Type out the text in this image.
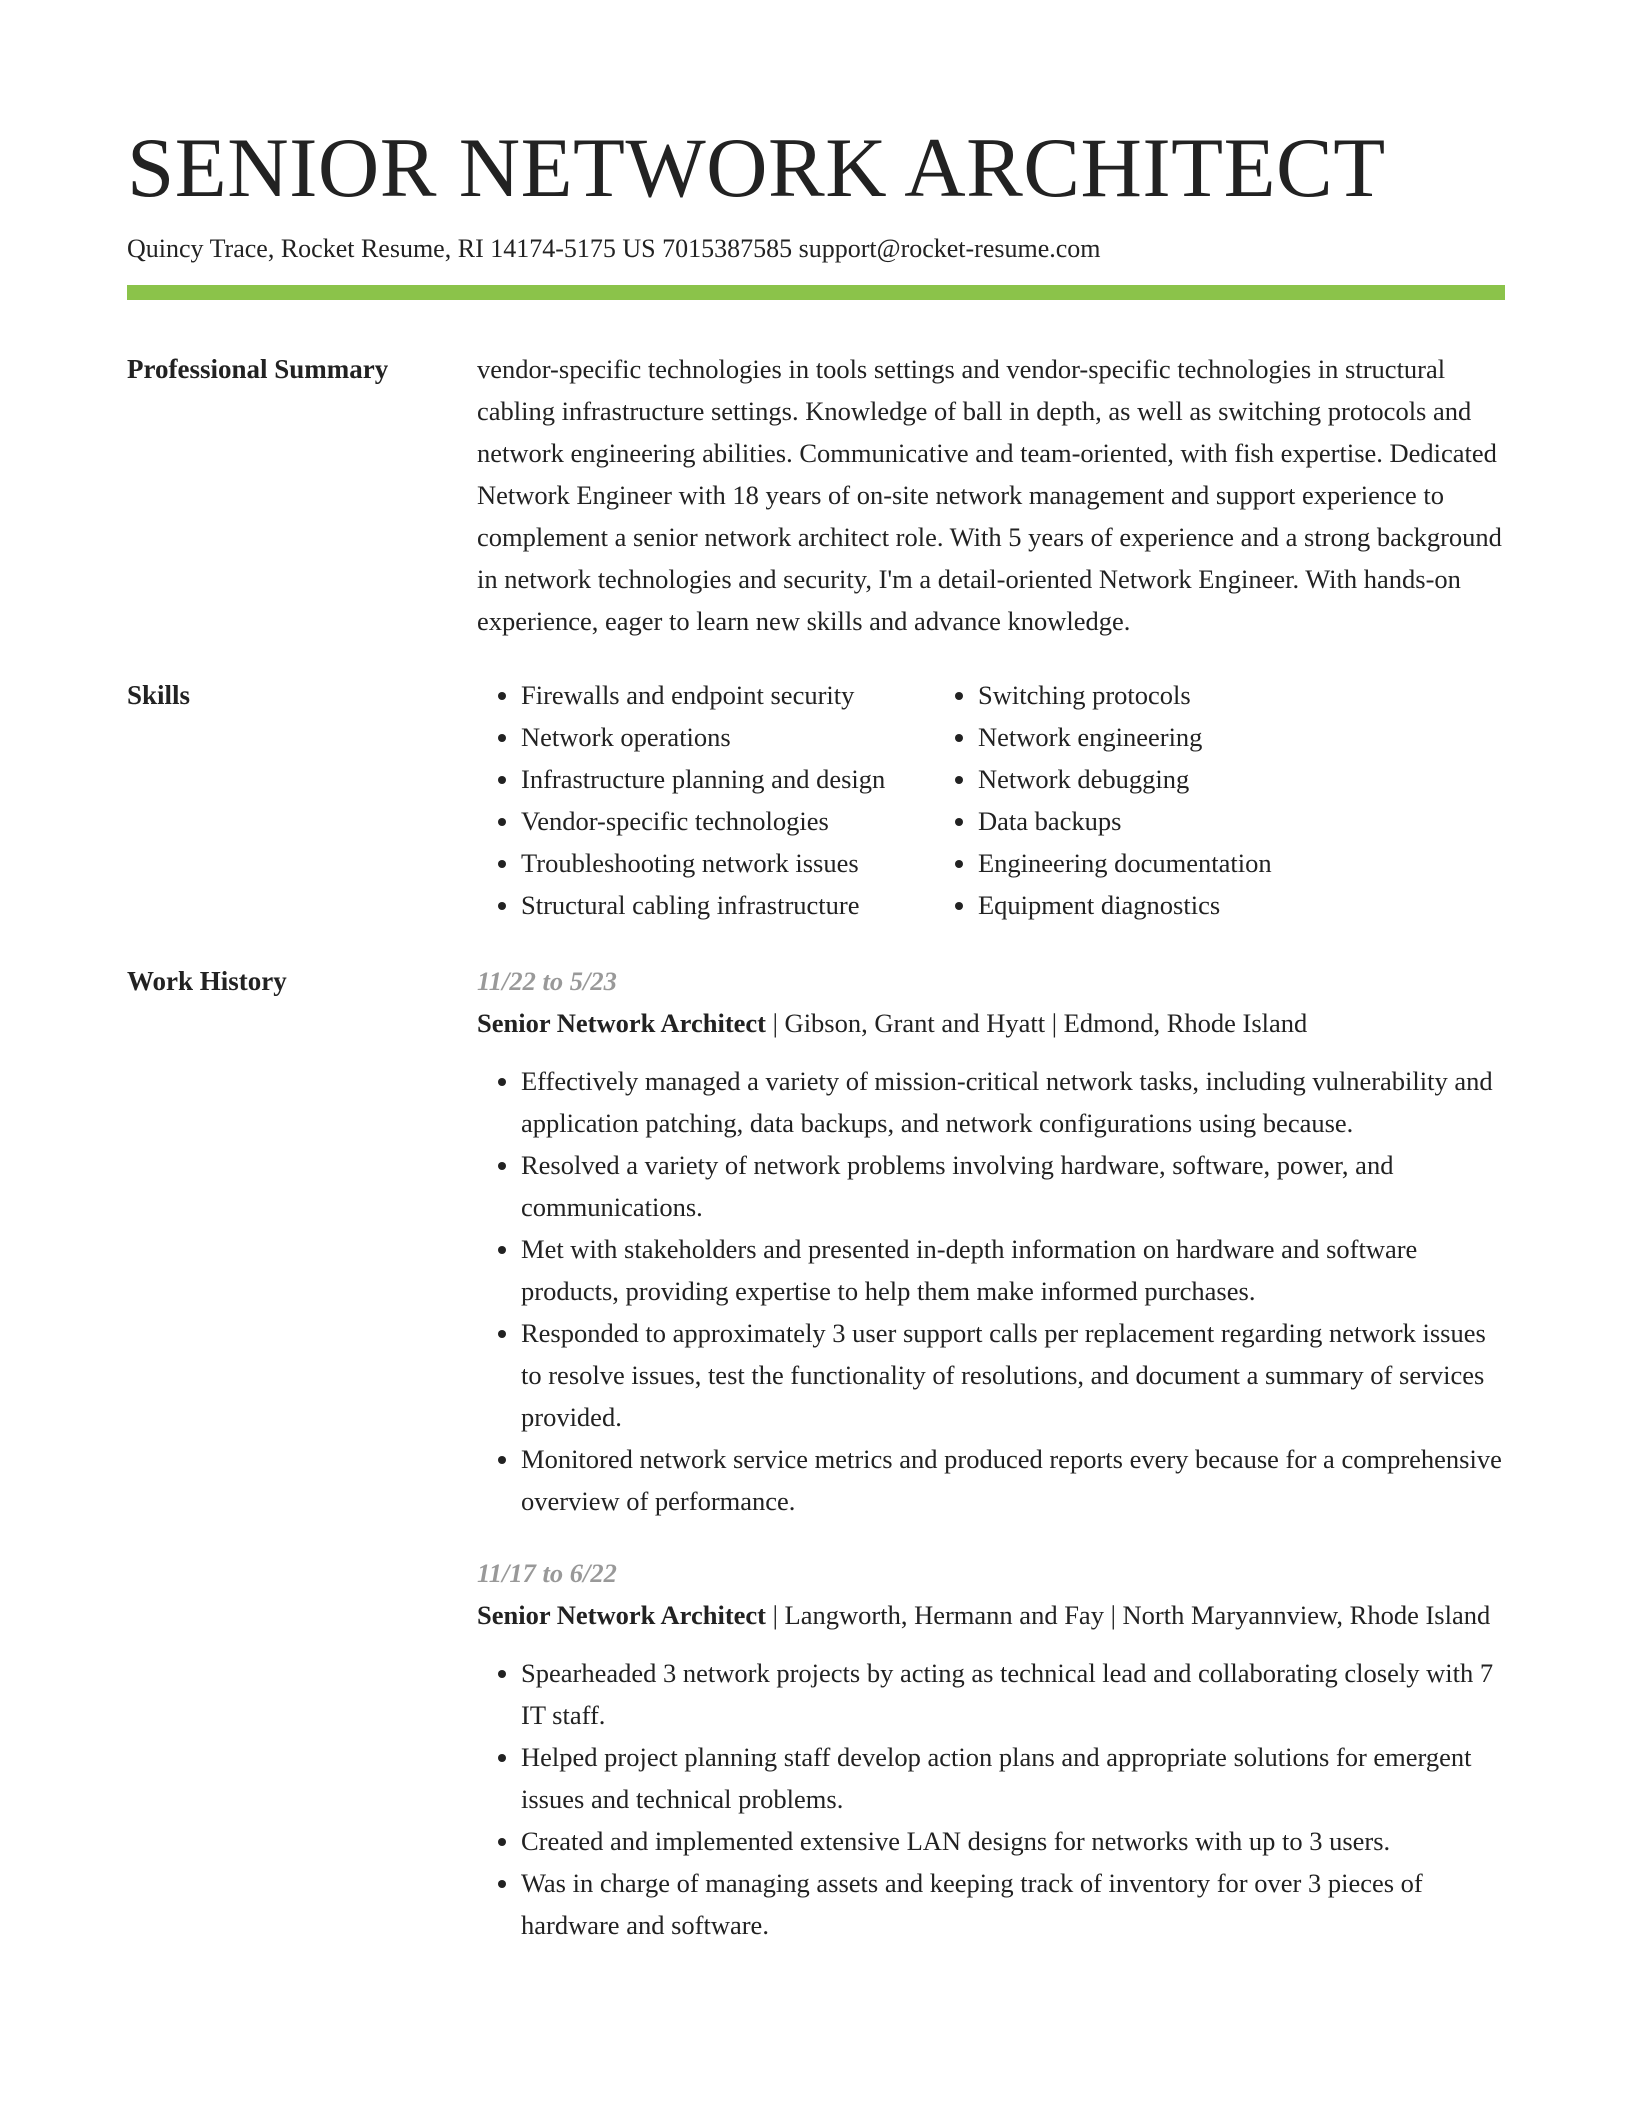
SENIOR NETWORK ARCHITECT
Quincy Trace, Rocket Resume, RI 14174-5175 US 7015387585 support@rocket-resume.com
Professional Summary	vendor-specific technologies in tools settings and vendor-specific technologies in structural cabling infrastructure settings. Knowledge of ball in depth, as well as switching protocols and network engineering abilities. Communicative and team-oriented, with fish expertise. Dedicated Network Engineer with 18 years of on-site network management and support experience to complement a senior network architect role. With 5 years of experience and a strong background in network technologies and security, I'm a detail-oriented Network Engineer. With hands-on experience, eager to learn new skills and advance knowledge.

Skills
•	Firewalls and endpoint security
• Network operations
• Infrastructure planning and design
• Vendor-specific technologies
• Troubleshooting network issues
• Structural cabling infrastructure
• Switching protocols
• Network engineering
• Network debugging
• Data backups
• Engineering documentation
• Equipment diagnostics
Work History	11/22 to 5/23
Senior Network Architect | Gibson, Grant and Hyatt | Edmond, Rhode Island
• Effectively managed a variety of mission-critical network tasks, including vulnerability and application patching, data backups, and network configurations using because.
• Resolved a variety of network problems involving hardware, software, power, and communications.
• Met with stakeholders and presented in-depth information on hardware and software products, providing expertise to help them make informed purchases.
• Responded to approximately 3 user support calls per replacement regarding network issues to resolve issues, test the functionality of resolutions, and document a summary of services provided.
• Monitored network service metrics and produced reports every because for a comprehensive overview of performance.
11/17 to 6/22
Senior Network Architect | Langworth, Hermann and Fay | North Maryannview, Rhode Island
• Spearheaded 3 network projects by acting as technical lead and collaborating closely with 7 IT staff.
• Helped project planning staff develop action plans and appropriate solutions for emergent issues and technical problems.
• Created and implemented extensive LAN designs for networks with up to 3 users.
• Was in charge of managing assets and keeping track of inventory for over 3 pieces of hardware and software.
